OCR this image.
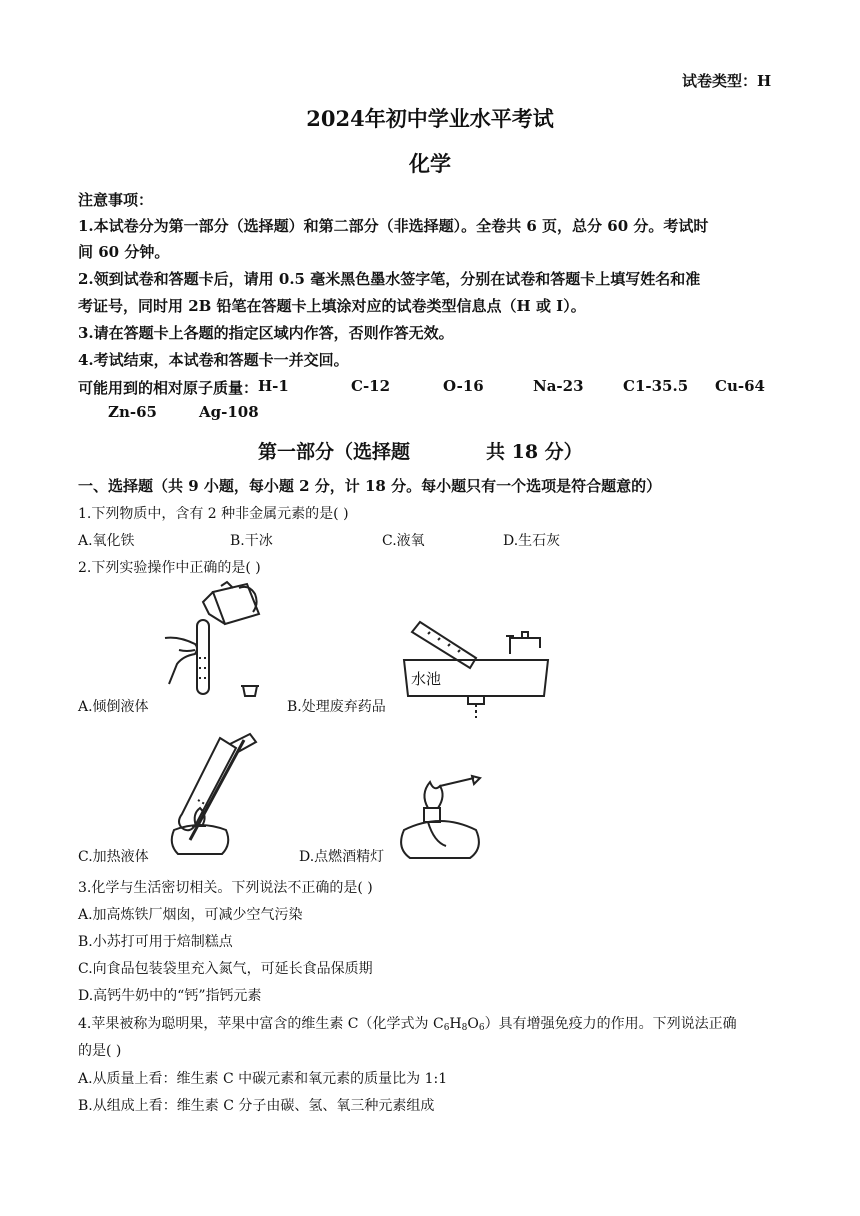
试卷类型：H
2024年初中学业水平考试
化学
注意事项：
1.本试卷分为第一部分（选择题）和第二部分（非选择题）。全卷共 6 页，总分 60 分。考试时
间 60 分钟。
2.领到试卷和答题卡后，请用 0.5 毫米黑色墨水签字笔，分别在试卷和答题卡上填写姓名和准
考证号，同时用 2B 铅笔在答题卡上填涂对应的试卷类型信息点（H 或 I）。
3.请在答题卡上各题的指定区域内作答，否则作答无效。
4.考试结束，本试卷和答题卡一并交回。
可能用到的相对原子质量： H-1	C-12	O-16	Na-23	C1-35.5 Cu-64
Zn-65	Ag-108
第一部分（选择题	共 18 分）
一、选择题（共 9 小题，每小题 2 分，计 18 分。每小题只有一个选项是符合题意的）
1.下列物质中，含有 2 种非金属元素的是( )
A.氧化铁	B.干冰	C.液氧	D.生石灰
2.下列实验操作中正确的是( )
A.倾倒液体
水池
B.处理废弃药品
C.加热液体	D.点燃酒精灯
3.化学与生活密切相关。下列说法不正确的是( )
A.加高炼铁厂烟囱，可减少空气污染
B.小苏打可用于焙制糕点
C.向食品包装袋里充入氮气，可延长食品保质期
D.高钙牛奶中的“钙”指钙元素
4.苹果被称为聪明果，苹果中富含的维生素 C（化学式为 $C_6H_8O_6$）具有增强免疫力的作用。下列说法正确
的是( )
A.从质量上看：维生素 C 中碳元素和氧元素的质量比为 1:1
B.从组成上看：维生素 C 分子由碳、氢、氧三种元素组成
